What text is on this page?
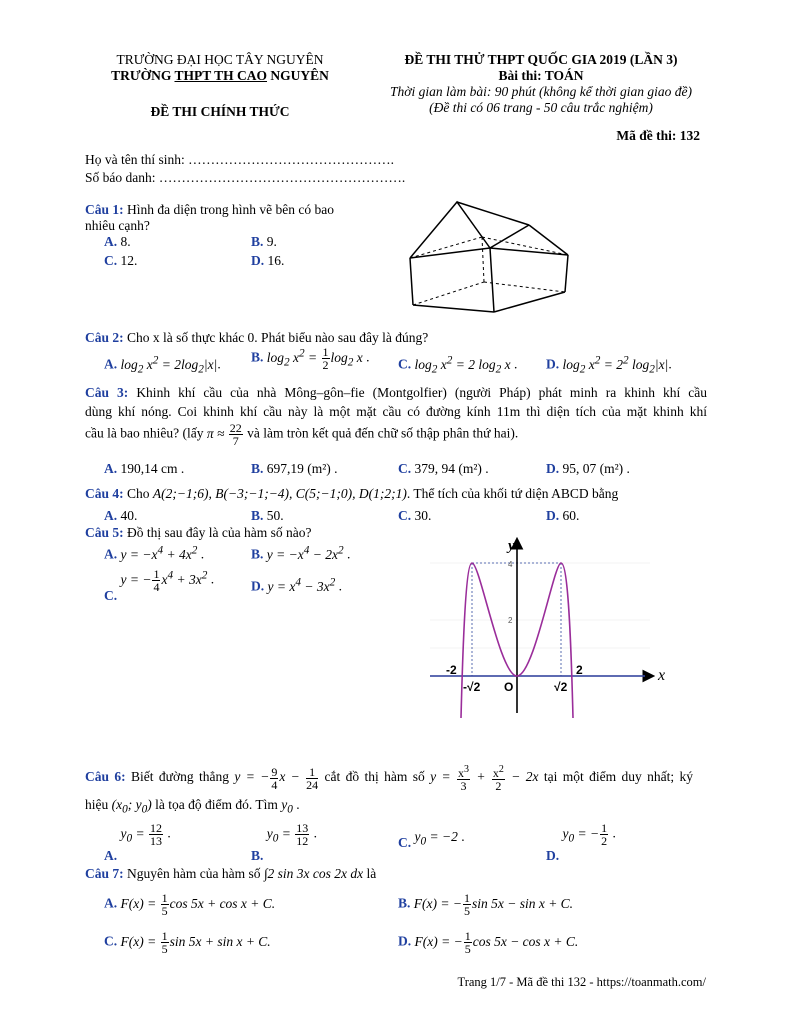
TRƯỜNG ĐẠI HỌC TÂY NGUYÊN
TRƯỜNG THPT TH CAO NGUYÊN
ĐỀ THI CHÍNH THỨC
ĐỀ THI THỬ THPT QUỐC GIA 2019 (LẦN 3)
Bài thi: TOÁN
Thời gian làm bài: 90 phút (không kể thời gian giao đề)
(Đề thi có 06 trang - 50 câu trắc nghiệm)
Mã đề thi: 132
Họ và tên thí sinh: ……………………………………….
Số báo danh: ……………………………………………….
Câu 1: Hình đa diện trong hình vẽ bên có bao
nhiêu cạnh?
A. 8.	B. 9.
C. 12.	D. 16.
Câu 2: Cho x là số thực khác 0. Phát biểu nào sau đây là đúng?
A. $\log_2 x^2 = 2\log_2|x|$. B. $\log_2 x^2 = \frac{1}{2} \log_2 x$ . C. $\log_2 x^2 = 2$ $\log_2 x$ . D. $\log_2 x^2 = 2^2$ $\log_2|x|$.
Câu 3: Khinh khí cầu của nhà Mông–gôn–fie (Montgolfier) (người Pháp) phát minh ra khinh khí cầu
dùng khí nóng. Coi khinh khí cầu này là một mặt cầu có đường kính 11m thì diện tích của mặt khinh khí
cầu là bao nhiêu? (lấy $\pi \approx \frac{22}{7}$ và làm tròn kết quả đến chữ số thập phân thứ hai).
A. 190,14 cm .	B. 697,19 (m²) .	C. 379, 94 (m²) .	D. 95, 07 (m²) .
Câu 4: Cho A(2;−1;6), B(−3;−1;−4), C(5;−1;0), D(1;2;1). Thể tích của khối tứ diện ABCD bằng
A. 40.	B. 50.	C. 30.	D. 60.
Câu 5: Đồ thị sau đây là của hàm số nào?
A. $y = -x^4 + 4x^2$ .	B. $y = -x^4 - 2x^2$ .
C. y = − $\frac{1}{4} x^4 + 3x^2$ .	D. $y = x^4 - 3x^2$ .
y
x
-2
-√2 O	√2
2
4
2
Câu 6: Biết đường thẳng y = − $\frac{9}{4}$ $x - \frac{1}{24}$ cắt đồ thị hàm số $y = \frac{x^3}{3} + \frac{x^2}{2} - 2x$ tại một điểm duy nhất; ký
hiệu ($x_0$; $y_0$) là tọa độ điểm đó. Tìm $y_0$ .
A. $y_0 = \frac{12}{13}$ .
B. $y_0 = \frac{13}{12}$ .
C. $y_0 = -2$ .
D. $y_0$ = − $\frac{1}{2}$ .
Câu 7: Nguyên hàm của hàm số ∫2 sin 3x cos 2x dx là
A. $F(x) = \frac{1}{5}$ cos 5x + cos x + C.	B. F(x) = − $\frac{1}{5}$ sin 5x − sin x + C.
C. $F(x) = \frac{1}{5}$ sin 5x + sin x + C.	D. F(x) = − $\frac{1}{5}$ cos 5x − cos x + C.
Trang 1/7 - Mã đề thi 132 - https://toanmath.com/
